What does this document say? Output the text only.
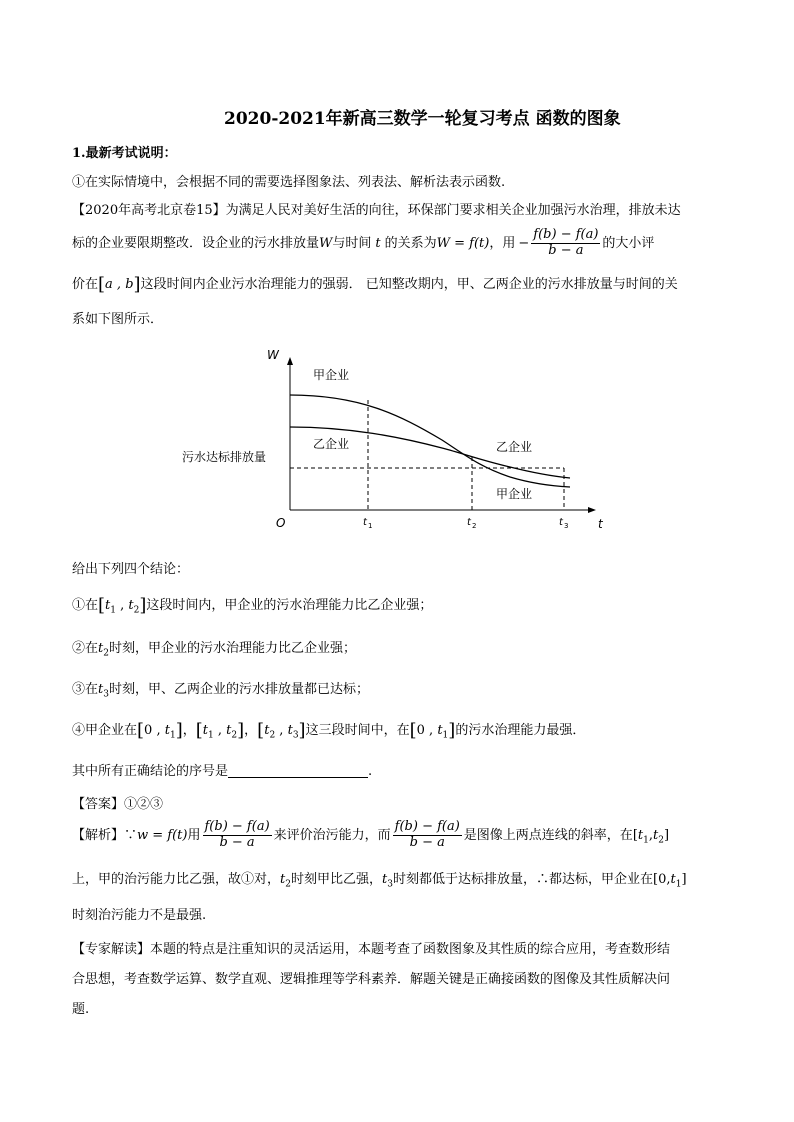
2020-2021年新高三数学一轮复习考点 函数的图象
1.最新考试说明：
①在实际情境中，会根据不同的需要选择图象法、列表法、解析法表示函数.
【2020年高考北京卷15】为满足人民对美好生活的向往，环保部门要求相关企业加强污水治理，排放未达
标的企业要限期整改．设企业的污水排放量W与时间 t 的关系为W = f(t)，用 − $\frac{f(b) - f(a)}{b - a}$ 的大小评
价在[a , b]这段时间内企业污水治理能力的强弱． 已知整改期内，甲、乙两企业的污水排放量与时间的关
系如下图所示．
W
t
O
甲企业
乙企业	乙企业
甲企业
污水达标排放量
t 1	t 2	t 3
给出下列四个结论：
①在[$t_1$ , $t_2$]这段时间内，甲企业的污水治理能力比乙企业强；
②在$t_2$时刻，甲企业的污水治理能力比乙企业强；
③在$t_3$时刻，甲、乙两企业的污水排放量都已达标；
④甲企业在[0 , $t_1$]，[$t_1$ , $t_2$]，[$t_2$ , $t_3$]这三段时间中，在[0 , $t_1$]的污水治理能力最强．
其中所有正确结论的序号是	.
【答案】①②③
【解析】∵w = f(t)用 $\frac{f(b) - f(a)}{b - a}$ 来评价治污能力，而 $\frac{f(b) - f(a)}{b - a}$ 是图像上两点连线的斜率，在$[t_1,t_2]$
上，甲的治污能力比乙强，故①对，$t_2$时刻甲比乙强，$t_3$时刻都低于达标排放量，∴都达标，甲企业在$[0,t_1]$
时刻治污能力不是最强.
【专家解读】本题的特点是注重知识的灵活运用，本题考查了函数图象及其性质的综合应用，考查数形结
合思想，考查数学运算、数学直观、逻辑推理等学科素养．解题关键是正确接函数的图像及其性质解决问
题.
